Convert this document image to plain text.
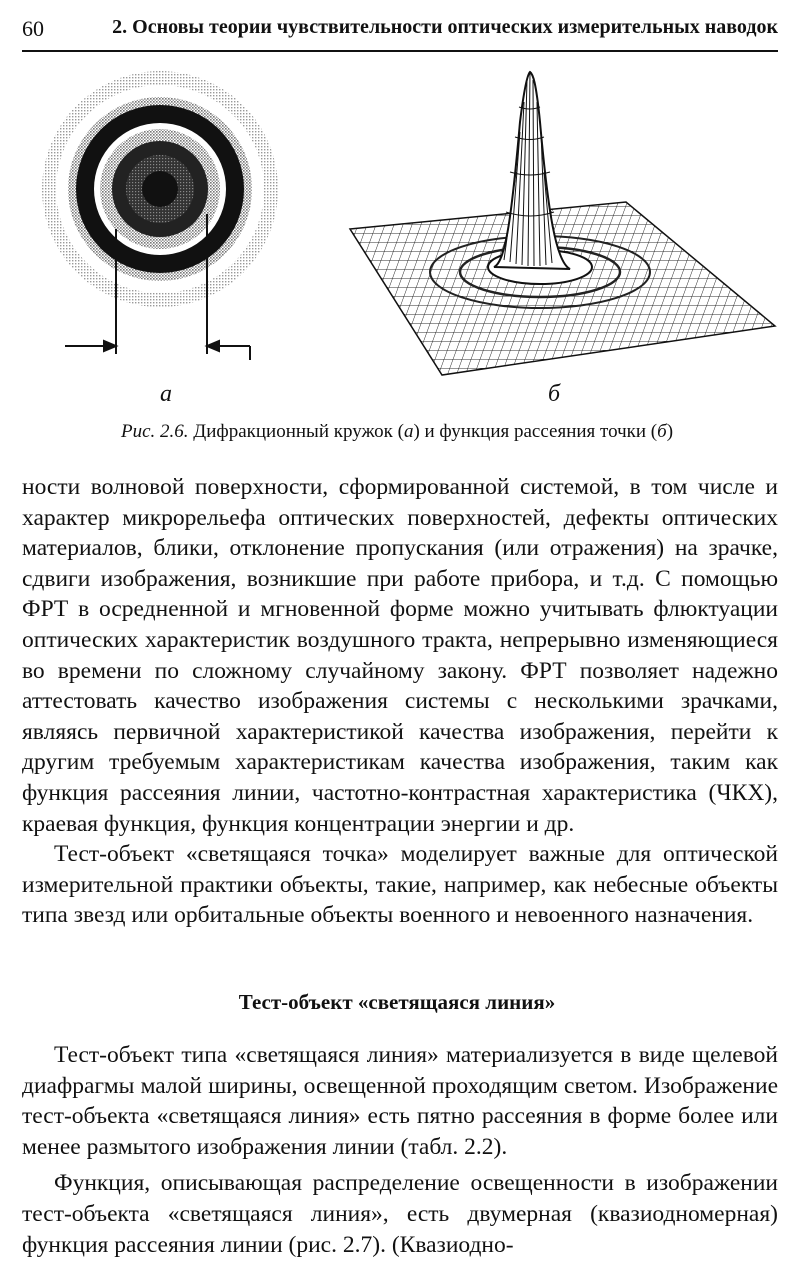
60	2. Основы теории чувствительности оптических измерительных наводок
а	б
Рис. 2.6. Дифракционный кружок (а) и функция рассеяния точки (б)

ности волновой поверхности, сформированной системой, в том числе и характер микрорельефа оптических поверхностей, дефекты оптических материалов, блики, отклонение пропускания (или отражения) на зрачке, сдвиги изображения, возникшие при работе прибора, и т.д. С помощью ФРТ в осредненной и мгновенной форме можно учитывать флюктуации оптических характеристик воздушного тракта, непрерывно изменяющиеся во времени по сложному случайному закону. ФРТ позволяет надежно аттестовать качество изображения системы с несколькими зрачками, являясь первичной характеристикой качества изображения, перейти к другим требуемым характеристикам качества изображения, таким как функция рассеяния линии, частотно-контрастная характеристика (ЧКХ), краевая функция, функция концентрации энергии и др.

Тест-объект «светящаяся точка» моделирует важные для оптической измерительной практики объекты, такие, например, как небесные объекты типа звезд или орбитальные объекты военного и невоенного назначения.

Тест-объект «светящаяся линия»

Тест-объект типа «светящаяся линия» материализуется в виде щелевой диафрагмы малой ширины, освещенной проходящим светом. Изображение тест-объекта «светящаяся линия» есть пятно рассеяния в форме более или менее размытого изображения линии (табл. 2.2).

Функция, описывающая распределение освещенности в изображении тест-объекта «светящаяся линия», есть двумерная (квазиодномерная) функция рассеяния линии (рис. 2.7). (Квазиодно-
